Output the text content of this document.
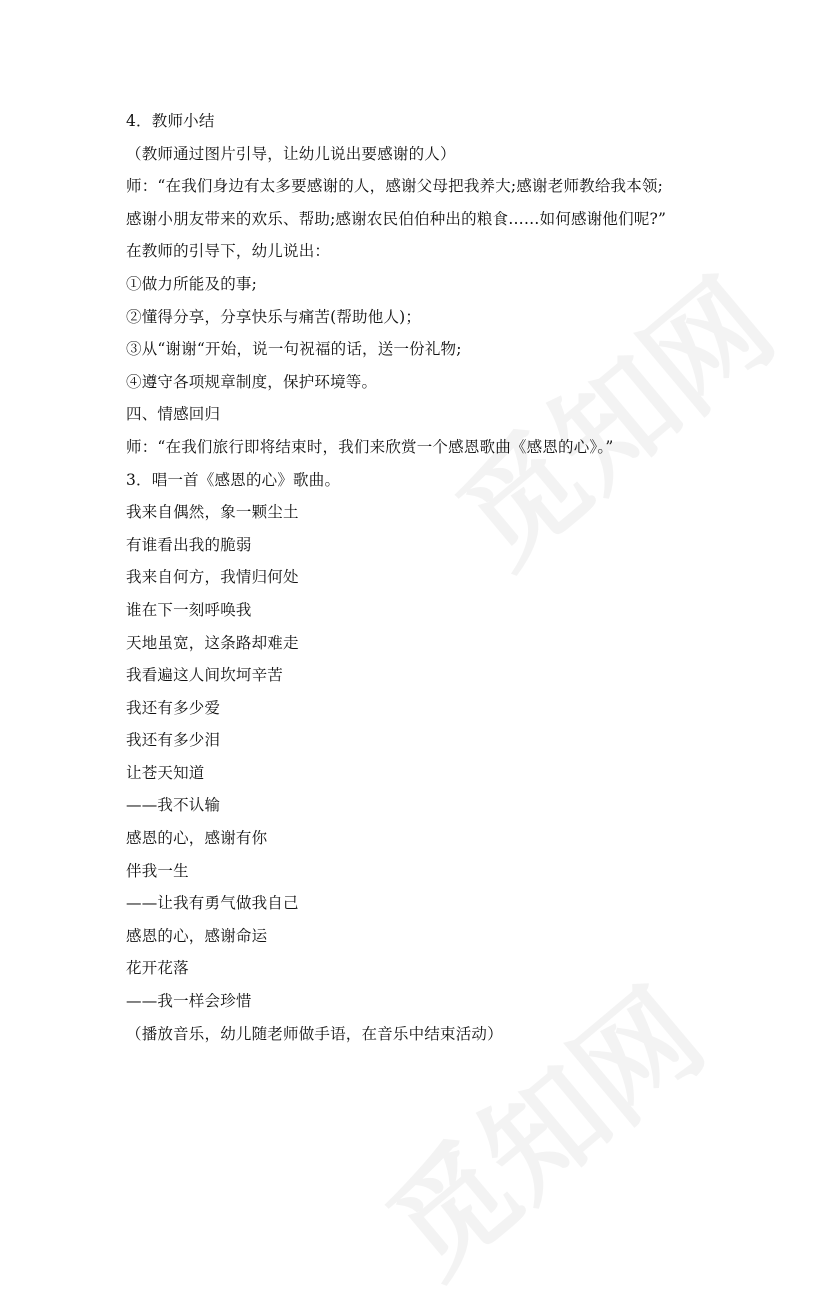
4．教师小结
（教师通过图片引导，让幼儿说出要感谢的人）
师：“在我们身边有太多要感谢的人，感谢父母把我养大;感谢老师教给我本领;
感谢小朋友带来的欢乐、帮助;感谢农民伯伯种出的粮食……如何感谢他们呢?”
在教师的引导下，幼儿说出：
①做力所能及的事;
②懂得分享，分享快乐与痛苦(帮助他人)；
③从“谢谢“开始，说一句祝福的话，送一份礼物;
④遵守各项规章制度，保护环境等。
四、情感回归
师：“在我们旅行即将结束时，我们来欣赏一个感恩歌曲《感恩的心》。”
3．唱一首《感恩的心》歌曲。
我来自偶然，象一颗尘土
有谁看出我的脆弱
我来自何方，我情归何处
谁在下一刻呼唤我
天地虽宽，这条路却难走
我看遍这人间坎坷辛苦
我还有多少爱
我还有多少泪
让苍天知道
——我不认输
感恩的心，感谢有你
伴我一生
——让我有勇气做我自己
感恩的心，感谢命运
花开花落
——我一样会珍惜
（播放音乐，幼儿随老师做手语，在音乐中结束活动）
